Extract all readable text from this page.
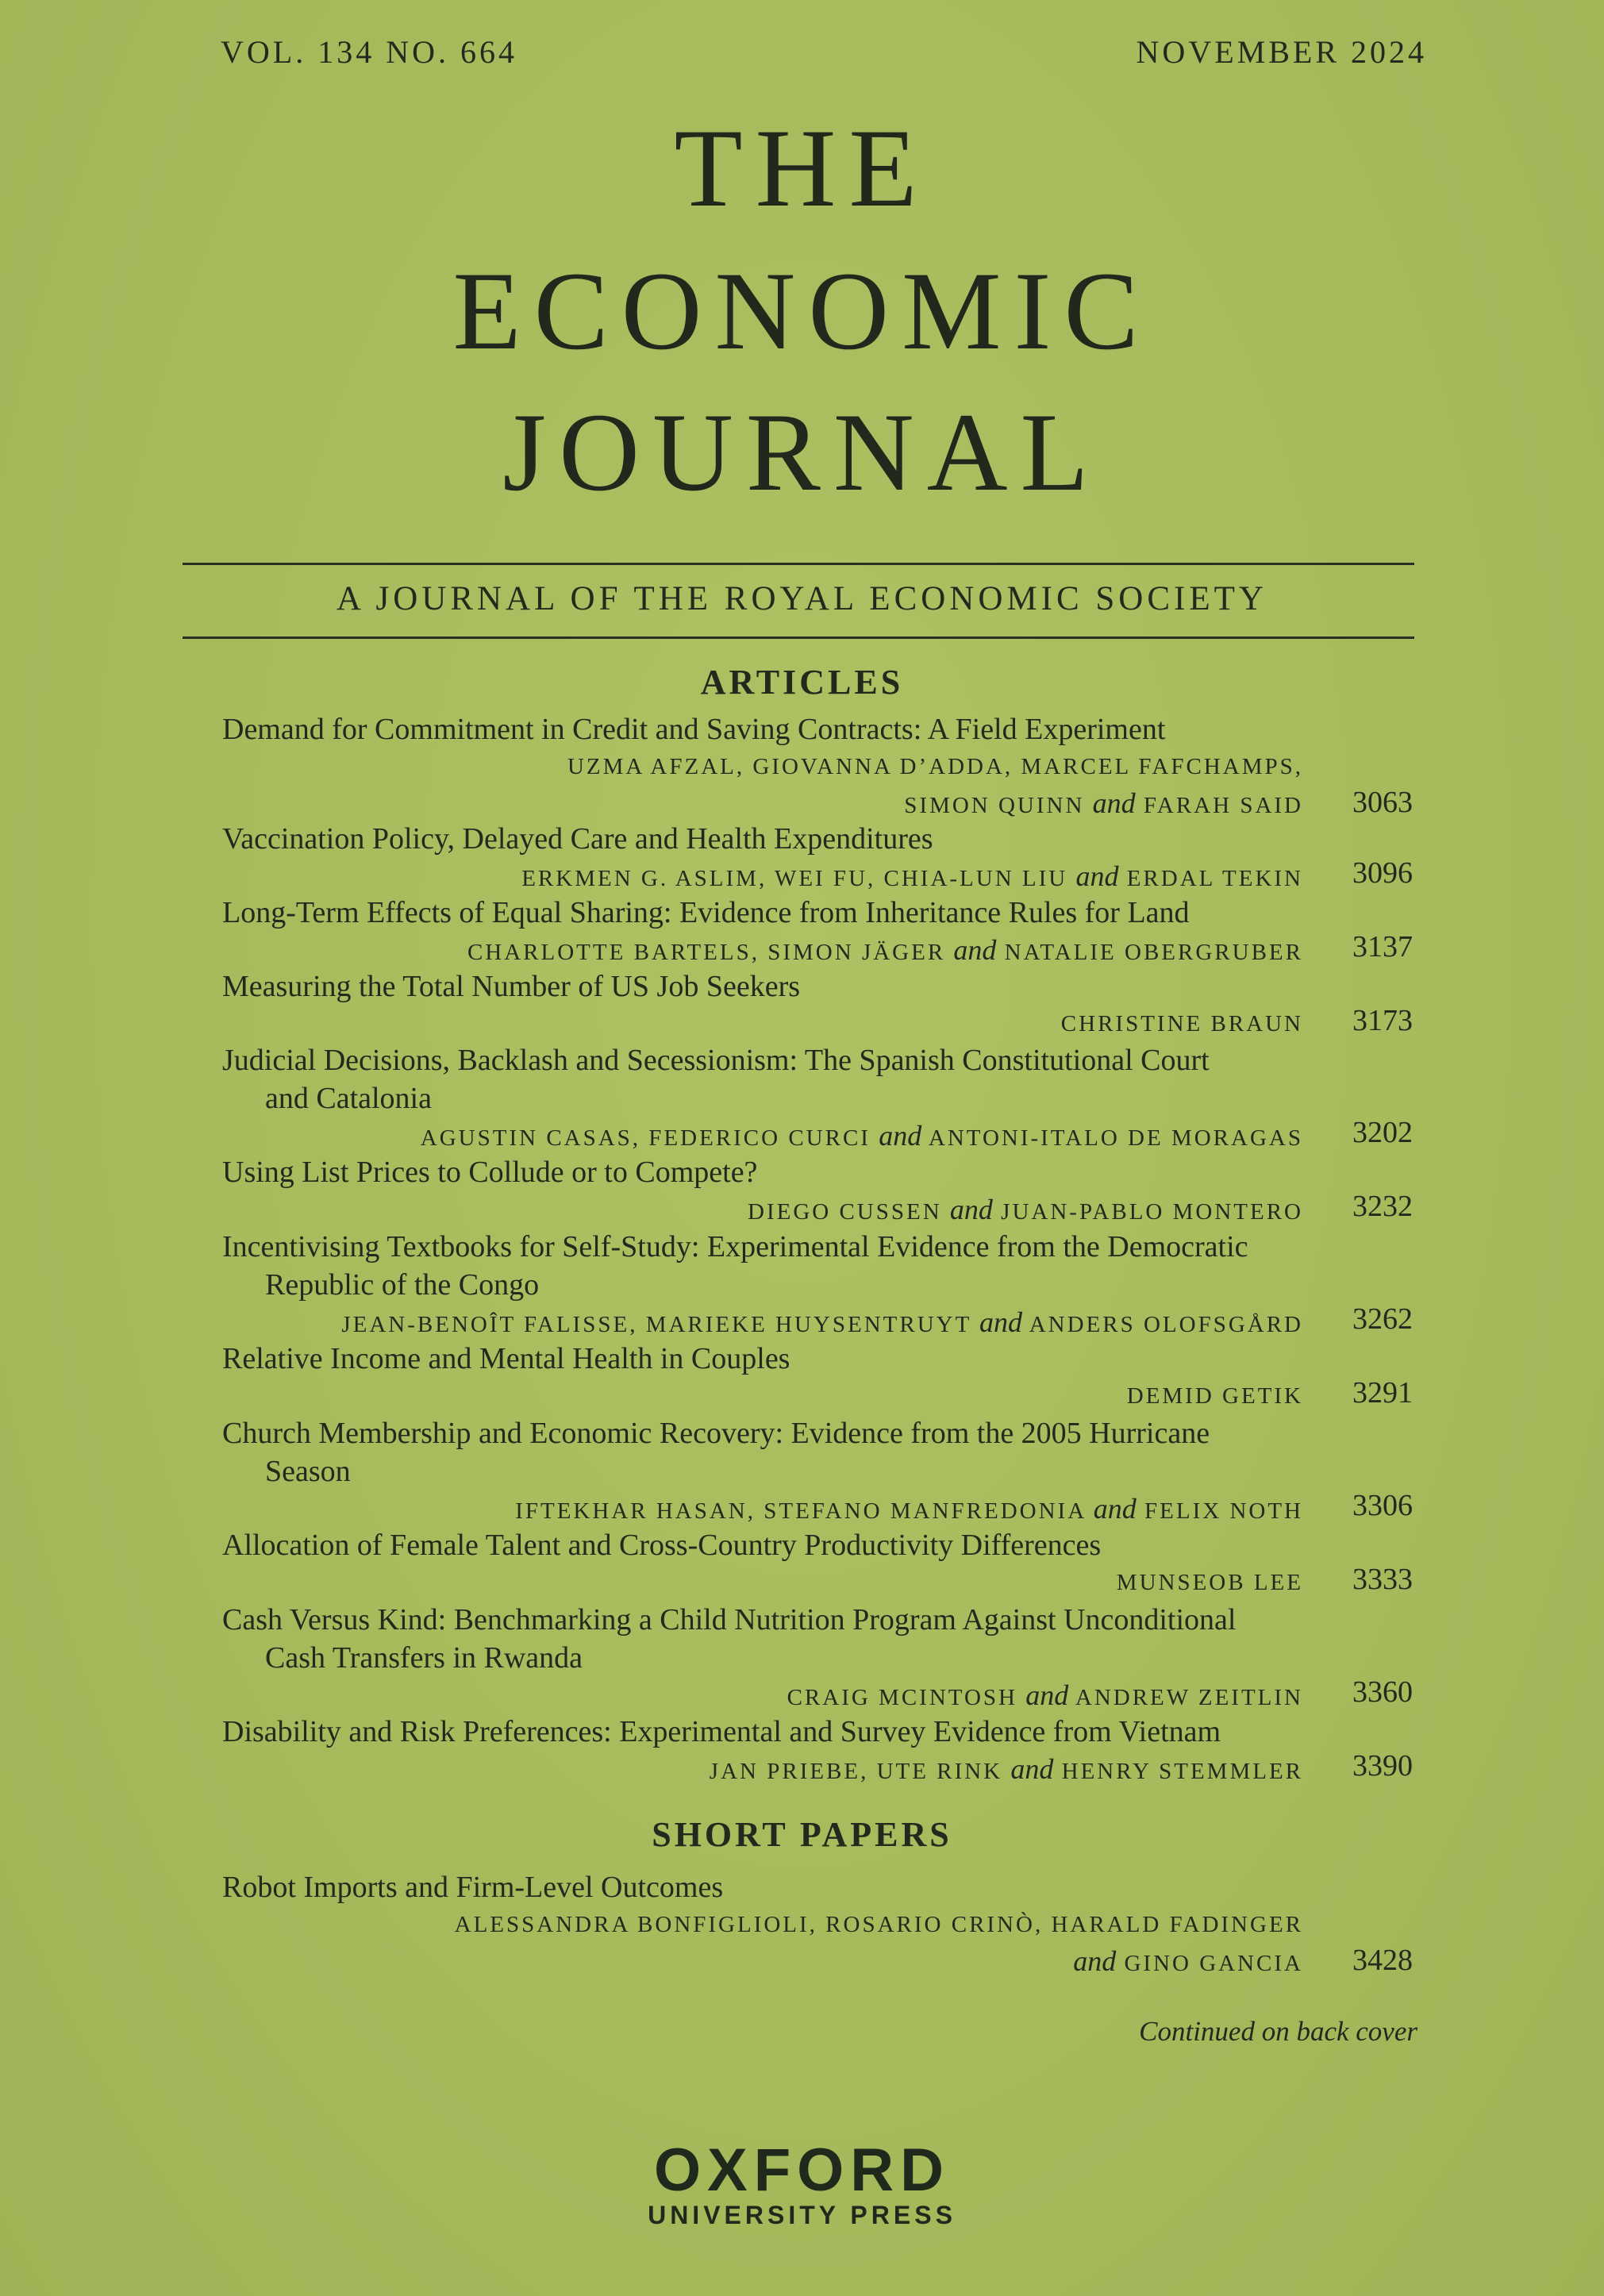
VOL. 134 NO. 664	NOVEMBER 2024
THE
ECONOMIC
JOURNAL
A JOURNAL OF THE ROYAL ECONOMIC SOCIETY
ARTICLES
Demand for Commitment in Credit and Saving Contracts: A Field Experiment
UZMA AFZAL, GIOVANNA D’ADDA, MARCEL FAFCHAMPS,
SIMON QUINN and FARAH SAID 3063
Vaccination Policy, Delayed Care and Health Expenditures
ERKMEN G. ASLIM, WEI FU, CHIA-LUN LIU and ERDAL TEKIN 3096
Long-Term Effects of Equal Sharing: Evidence from Inheritance Rules for Land
CHARLOTTE BARTELS, SIMON JÄGER and NATALIE OBERGRUBER 3137
Measuring the Total Number of US Job Seekers
CHRISTINE BRAUN 3173
Judicial Decisions, Backlash and Secessionism: The Spanish Constitutional Court
and Catalonia
AGUSTIN CASAS, FEDERICO CURCI and ANTONI-ITALO DE MORAGAS 3202
Using List Prices to Collude or to Compete?
DIEGO CUSSEN and JUAN-PABLO MONTERO 3232
Incentivising Textbooks for Self-Study: Experimental Evidence from the Democratic
Republic of the Congo
JEAN-BENOÎT FALISSE, MARIEKE HUYSENTRUYT and ANDERS OLOFSGÅRD 3262
Relative Income and Mental Health in Couples
DEMID GETIK 3291
Church Membership and Economic Recovery: Evidence from the 2005 Hurricane
Season
IFTEKHAR HASAN, STEFANO MANFREDONIA and FELIX NOTH 3306
Allocation of Female Talent and Cross-Country Productivity Differences
MUNSEOB LEE 3333
Cash Versus Kind: Benchmarking a Child Nutrition Program Against Unconditional
Cash Transfers in Rwanda
CRAIG MCINTOSH and ANDREW ZEITLIN 3360
Disability and Risk Preferences: Experimental and Survey Evidence from Vietnam
JAN PRIEBE, UTE RINK and HENRY STEMMLER 3390
SHORT PAPERS
Robot Imports and Firm-Level Outcomes
ALESSANDRA BONFIGLIOLI, ROSARIO CRINÒ, HARALD FADINGER
and GINO GANCIA 3428
Continued on back cover
OXFORD
UNIVERSITY PRESS
